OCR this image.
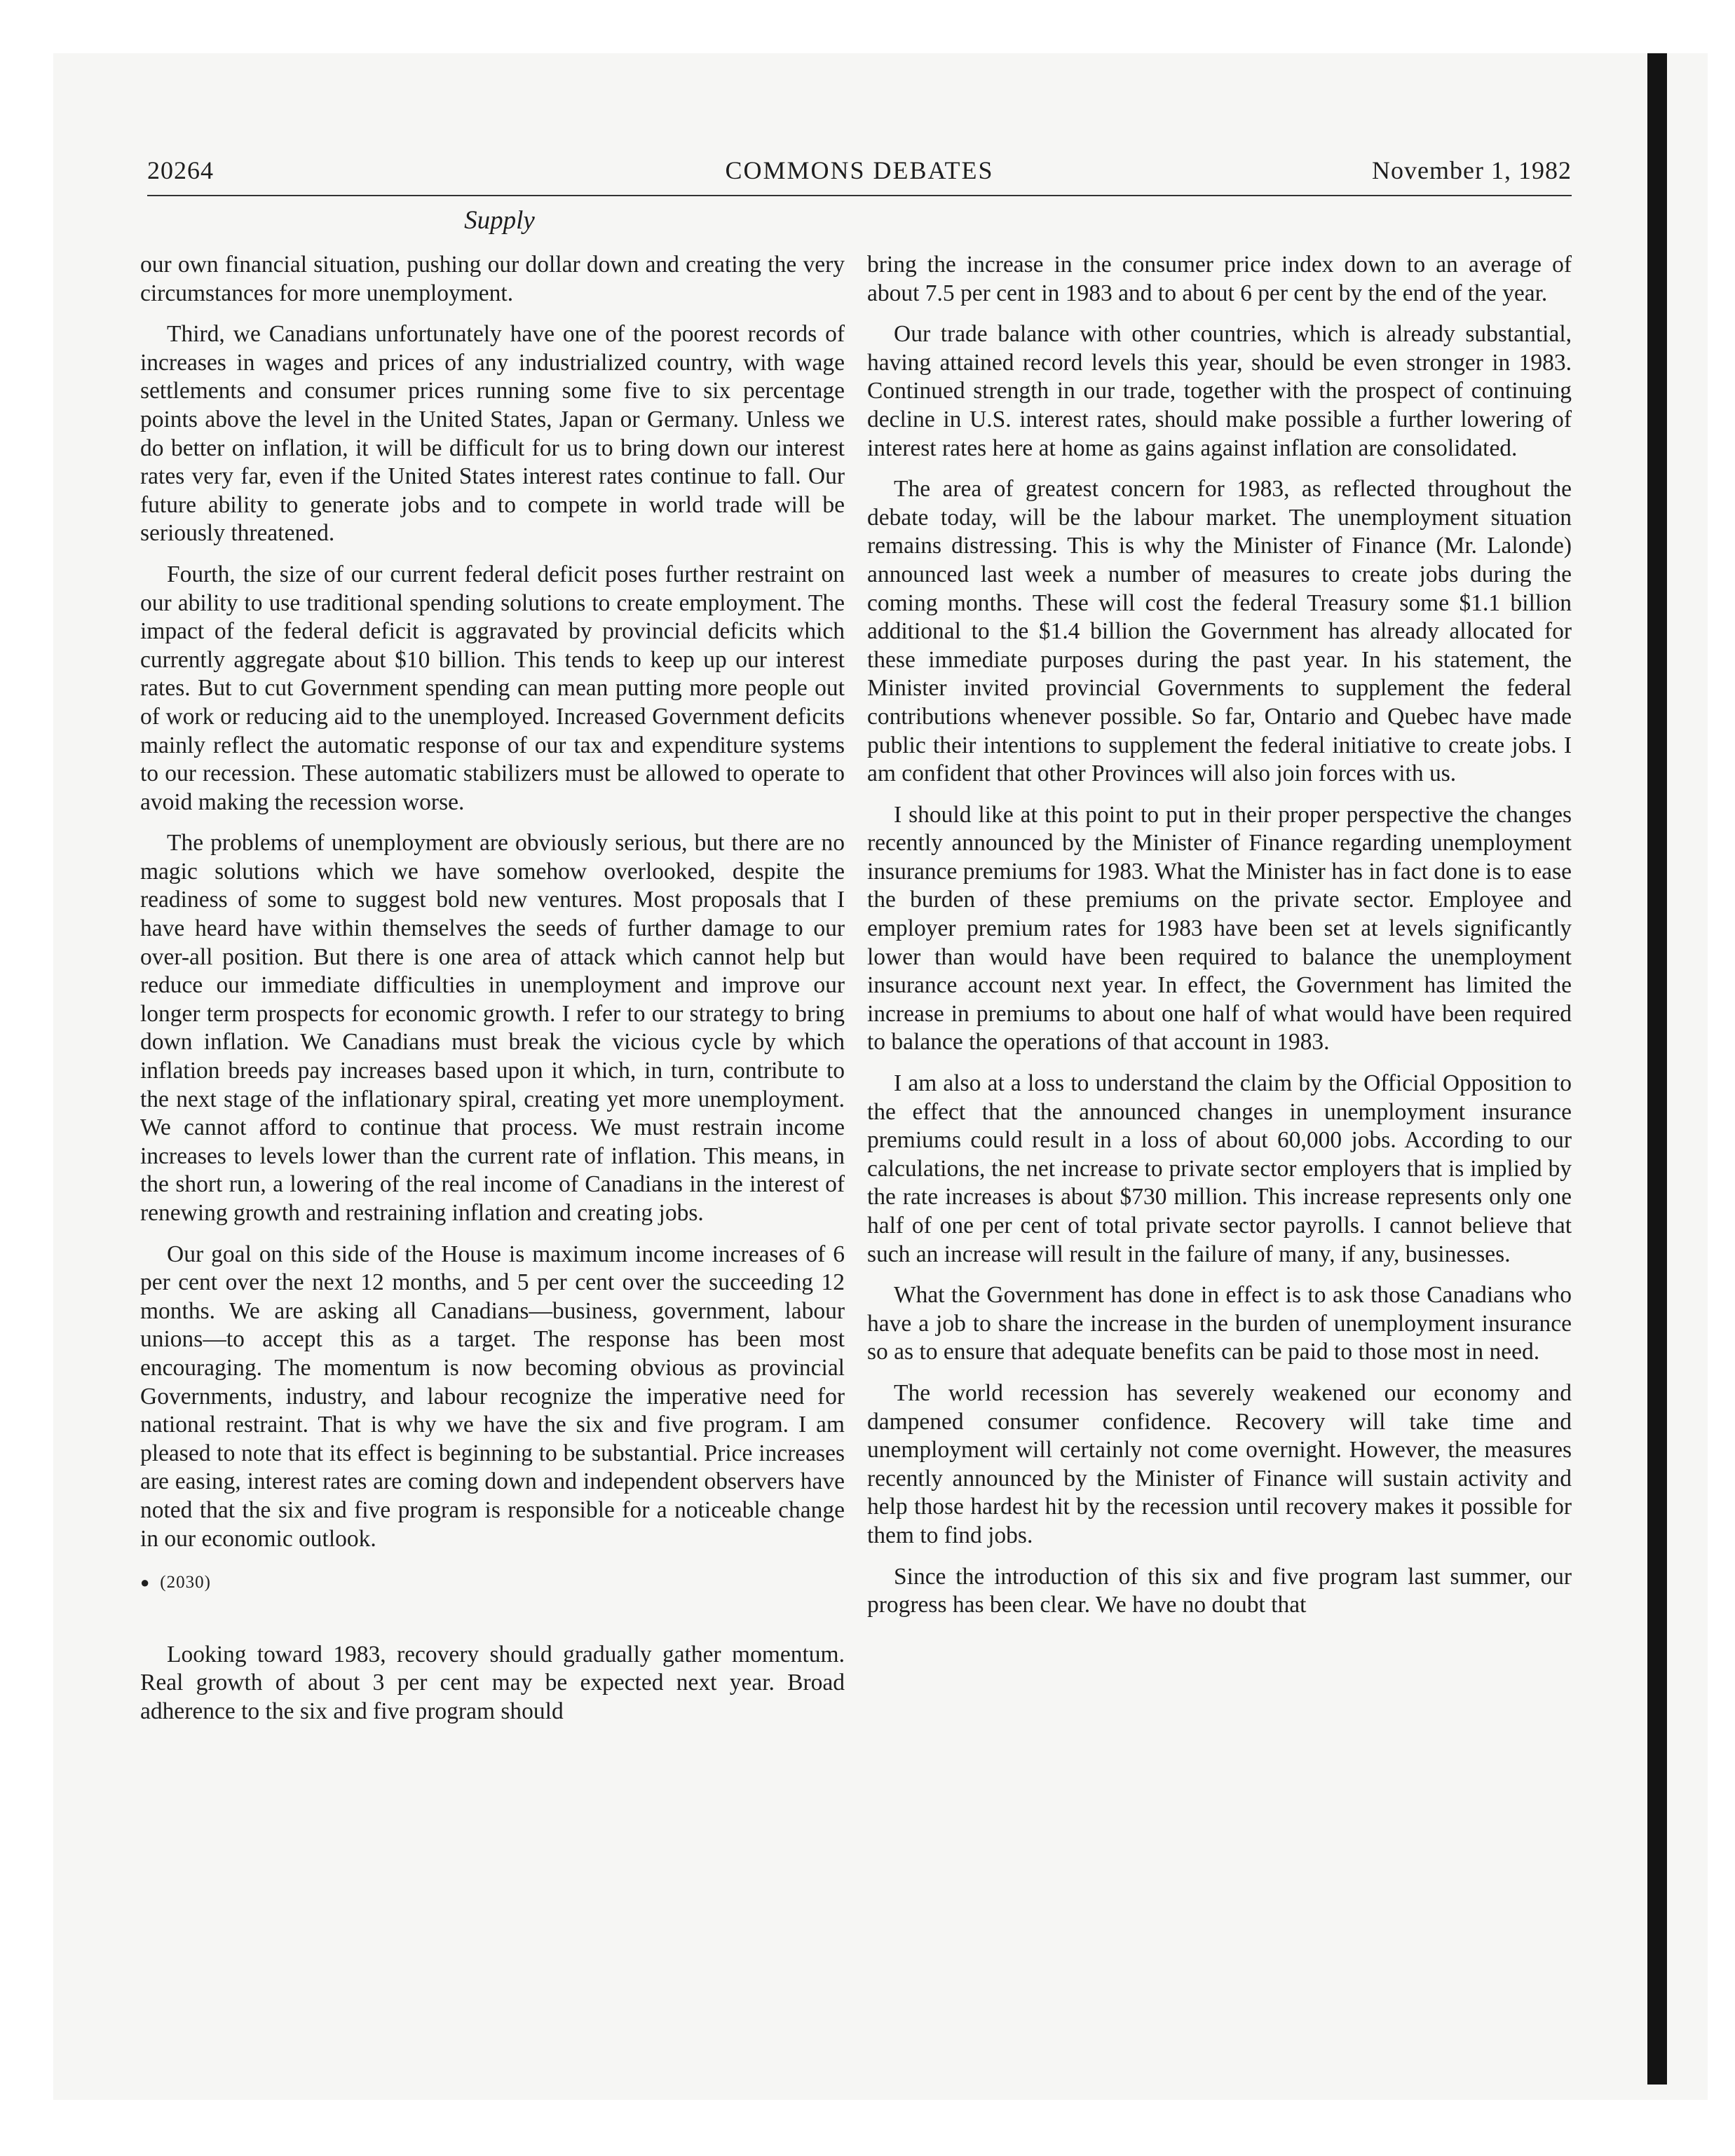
20264	COMMONS DEBATES	November 1, 1982
Supply

our own financial situation, pushing our dollar down and creating the very circumstances for more unemployment.

Third, we Canadians unfortunately have one of the poorest records of increases in wages and prices of any industrialized country, with wage settlements and consumer prices running some five to six percentage points above the level in the United States, Japan or Germany. Unless we do better on inflation, it will be difficult for us to bring down our interest rates very far, even if the United States interest rates continue to fall. Our future ability to generate jobs and to compete in world trade will be seriously threatened.

Fourth, the size of our current federal deficit poses further restraint on our ability to use traditional spending solutions to create employment. The impact of the federal deficit is aggravated by provincial deficits which currently aggregate about $10 billion. This tends to keep up our interest rates. But to cut Government spending can mean putting more people out of work or reducing aid to the unemployed. Increased Government deficits mainly reflect the automatic response of our tax and expenditure systems to our recession. These automatic stabilizers must be allowed to operate to avoid making the recession worse.

The problems of unemployment are obviously serious, but there are no magic solutions which we have somehow overlooked, despite the readiness of some to suggest bold new ventures. Most proposals that I have heard have within themselves the seeds of further damage to our over-all position. But there is one area of attack which cannot help but reduce our immediate difficulties in unemployment and improve our longer term prospects for economic growth. I refer to our strategy to bring down inflation. We Canadians must break the vicious cycle by which inflation breeds pay increases based upon it which, in turn, contribute to the next stage of the inflationary spiral, creating yet more unemployment. We cannot afford to continue that process. We must restrain income increases to levels lower than the current rate of inflation. This means, in the short run, a lowering of the real income of Canadians in the interest of renewing growth and restraining inflation and creating jobs.

Our goal on this side of the House is maximum income increases of 6 per cent over the next 12 months, and 5 per cent over the succeeding 12 months. We are asking all Canadians—business, government, labour unions—to accept this as a target. The response has been most encouraging. The momentum is now becoming obvious as provincial Governments, industry, and labour recognize the imperative need for national restraint. That is why we have the six and five program. I am pleased to note that its effect is beginning to be substantial. Price increases are easing, interest rates are coming down and independent observers have noted that the six and five program is responsible for a noticeable change in our economic outlook.

● (2030)

Looking toward 1983, recovery should gradually gather momentum. Real growth of about 3 per cent may be expected next year. Broad adherence to the six and five program should

bring the increase in the consumer price index down to an average of about 7.5 per cent in 1983 and to about 6 per cent by the end of the year.

Our trade balance with other countries, which is already substantial, having attained record levels this year, should be even stronger in 1983. Continued strength in our trade, together with the prospect of continuing decline in U.S. interest rates, should make possible a further lowering of interest rates here at home as gains against inflation are consolidated.

The area of greatest concern for 1983, as reflected throughout the debate today, will be the labour market. The unemployment situation remains distressing. This is why the Minister of Finance (Mr. Lalonde) announced last week a number of measures to create jobs during the coming months. These will cost the federal Treasury some $1.1 billion additional to the $1.4 billion the Government has already allocated for these immediate purposes during the past year. In his statement, the Minister invited provincial Governments to supplement the federal contributions whenever possible. So far, Ontario and Quebec have made public their intentions to supplement the federal initiative to create jobs. I am confident that other Provinces will also join forces with us.

I should like at this point to put in their proper perspective the changes recently announced by the Minister of Finance regarding unemployment insurance premiums for 1983. What the Minister has in fact done is to ease the burden of these premiums on the private sector. Employee and employer premium rates for 1983 have been set at levels significantly lower than would have been required to balance the unemployment insurance account next year. In effect, the Government has limited the increase in premiums to about one half of what would have been required to balance the operations of that account in 1983.

I am also at a loss to understand the claim by the Official Opposition to the effect that the announced changes in unemployment insurance premiums could result in a loss of about 60,000 jobs. According to our calculations, the net increase to private sector employers that is implied by the rate increases is about $730 million. This increase represents only one half of one per cent of total private sector payrolls. I cannot believe that such an increase will result in the failure of many, if any, businesses.

What the Government has done in effect is to ask those Canadians who have a job to share the increase in the burden of unemployment insurance so as to ensure that adequate benefits can be paid to those most in need.

The world recession has severely weakened our economy and dampened consumer confidence. Recovery will take time and unemployment will certainly not come overnight. However, the measures recently announced by the Minister of Finance will sustain activity and help those hardest hit by the recession until recovery makes it possible for them to find jobs.

Since the introduction of this six and five program last summer, our progress has been clear. We have no doubt that
